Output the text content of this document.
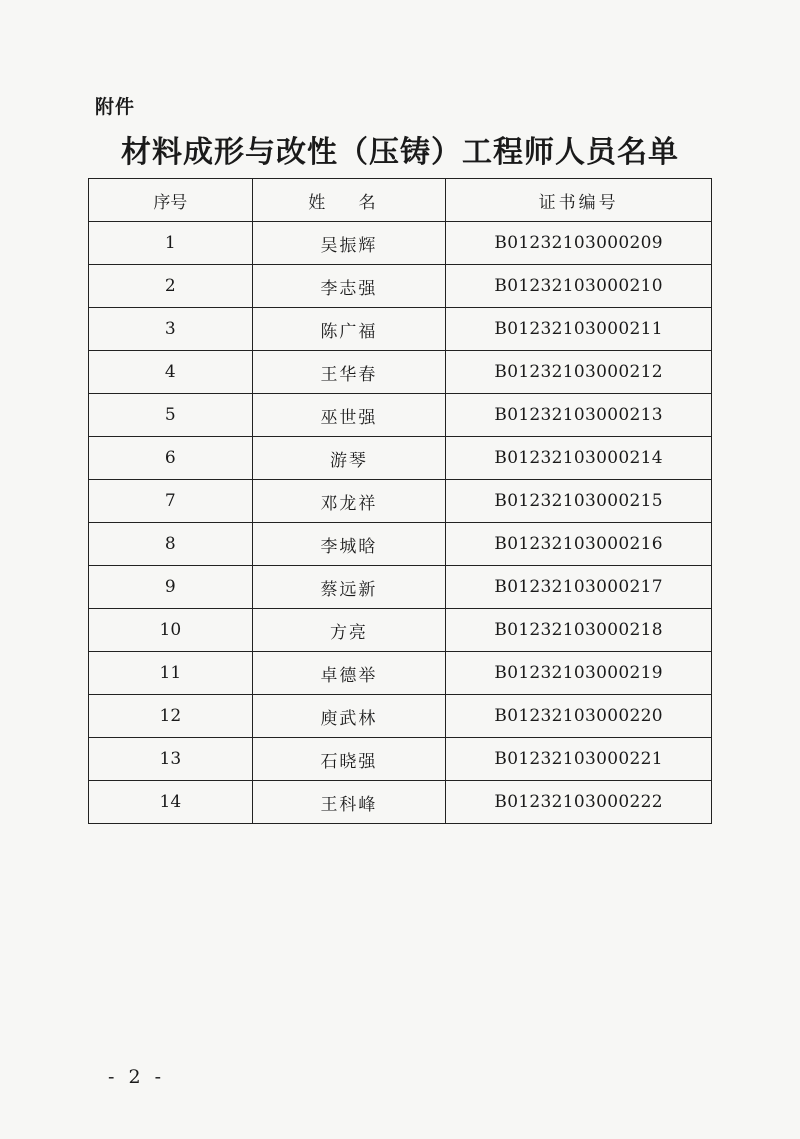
附件
材料成形与改性（压铸）工程师人员名单
序号	姓 名	证书编号
1	吴振辉	B01232103000209
2	李志强	B01232103000210
3	陈广福	B01232103000211
4	王华春	B01232103000212
5	巫世强	B01232103000213
6	游琴	B01232103000214
7	邓龙祥	B01232103000215
8	李城晗	B01232103000216
9	蔡远新	B01232103000217
10	方亮	B01232103000218
11	卓德举	B01232103000219
12	庾武林	B01232103000220
13	石晓强	B01232103000221
14	王科峰	B01232103000222
- 2 -
